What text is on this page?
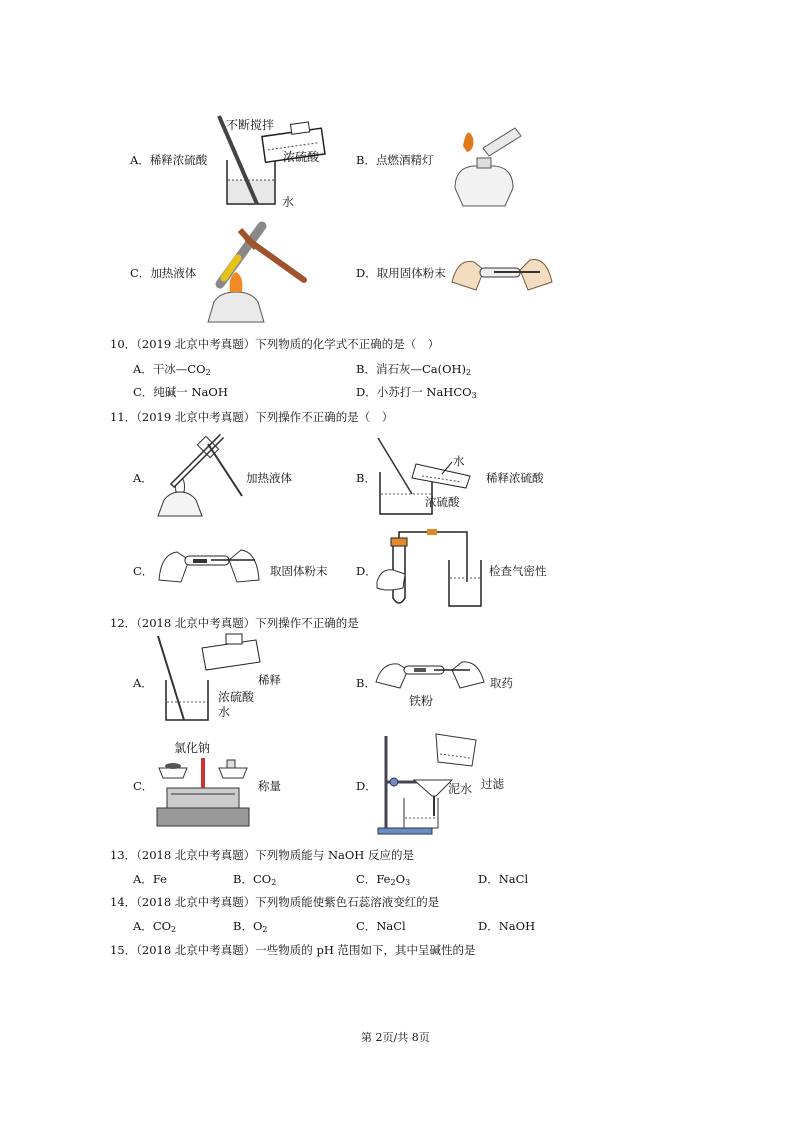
A．稀释浓硫酸
不断搅拌
浓硫酸
水
B．点燃酒精灯
C．加热液体	D．取用固体粉末
10．（2019 北京中考真题）下列物质的化学式不正确的是（　）
A．干冰$—CO_2$	B．消石灰$—Ca(OH)_2$
C．纯碱一 NaOH	D．小苏打一 NaHCO$_3$
11．（2019 北京中考真题）下列操作不正确的是（　）
A．	加热液体	B．
水
浓硫酸
稀释浓硫酸
C．	取固体粉末 D．	检查气密性
12．（2018 北京中考真题）下列操作不正确的是
A．	稀释
浓硫酸
水
B．
铁粉
取药
氯化钠
C．	称量	D．	泥水 过滤
13．（2018 北京中考真题）下列物质能与 NaOH 反应的是
A．Fe	B．$CO_2$	C．$Fe_2O_3$	D．NaCl
14．（2018 北京中考真题）下列物质能使紫色石蕊溶液变红的是
A．$CO_2$	B．$O_2$	C．NaCl	D．NaOH
15．（2018 北京中考真题）一些物质的 pH 范围如下，其中呈碱性的是
第 2页/共 8页
